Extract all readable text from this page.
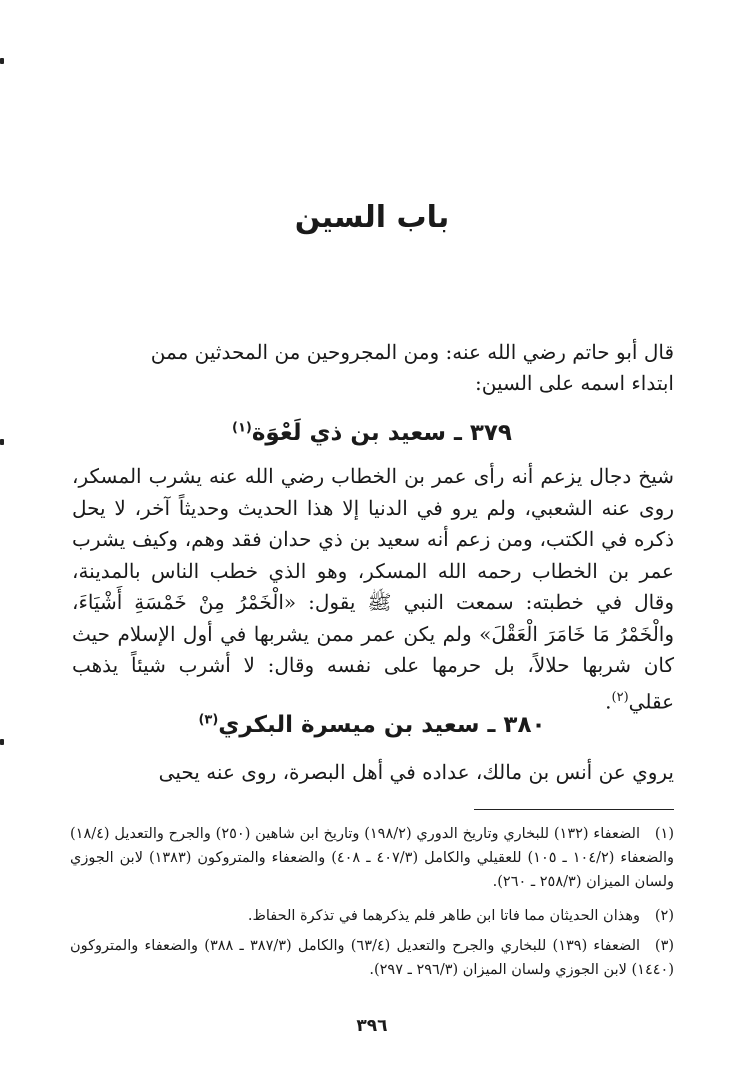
باب السين
قال أبو حاتم رضي الله عنه: ومن المجروحين من المحدثين ممن
ابتداء اسمه على السين:
٣٧٩ ـ سعيد بن ذي لَعْوَة$^{(١)}$
شيخ دجال يزعم أنه رأى عمر بن الخطاب رضي الله عنه يشرب المسكر، روى عنه الشعبي، ولم يرو في الدنيا إلا هذا الحديث وحديثاً آخر، لا يحل ذكره في الكتب، ومن زعم أنه سعيد بن ذي حدان فقد وهم، وكيف يشرب عمر بن الخطاب رحمه الله المسكر، وهو الذي خطب الناس بالمدينة، وقال في خطبته: سمعت النبي ﷺ يقول: «الْخَمْرُ مِنْ خَمْسَةِ أَشْيَاءَ، والْخَمْرُ مَا خَامَرَ الْعَقْلَ» ولم يكن عمر ممن يشربها في أول الإسلام حيث كان شربها حلالاً، بل حرمها على نفسه وقال: لا أشرب شيئاً يذهب عقلي$^{(٢)}$.
٣٨٠ ـ سعيد بن ميسرة البكري$^{(٣)}$
يروي عن أنس بن مالك، عداده في أهل البصرة، روى عنه يحيى
(١)الضعفاء (١٣٢) للبخاري وتاريخ الدوري (١٩٨/٢) وتاريخ ابن شاهين (٢٥٠) والجرح والتعديل (١٨/٤) والضعفاء (١٠٤/٢ ـ ١٠٥) للعقيلي والكامل (٤٠٧/٣ ـ ٤٠٨) والضعفاء والمتروكون (١٣٨٣) لابن الجوزي ولسان الميزان (٢٥٨/٣ ـ ٢٦٠).
(٢)وهذان الحديثان مما فاتا ابن طاهر فلم يذكرهما في تذكرة الحفاظ.
(٣)الضعفاء (١٣٩) للبخاري والجرح والتعديل (٦٣/٤) والكامل (٣٨٧/٣ ـ ٣٨٨) والضعفاء والمتروكون (١٤٤٠) لابن الجوزي ولسان الميزان (٢٩٦/٣ ـ ٢٩٧).
٣٩٦
